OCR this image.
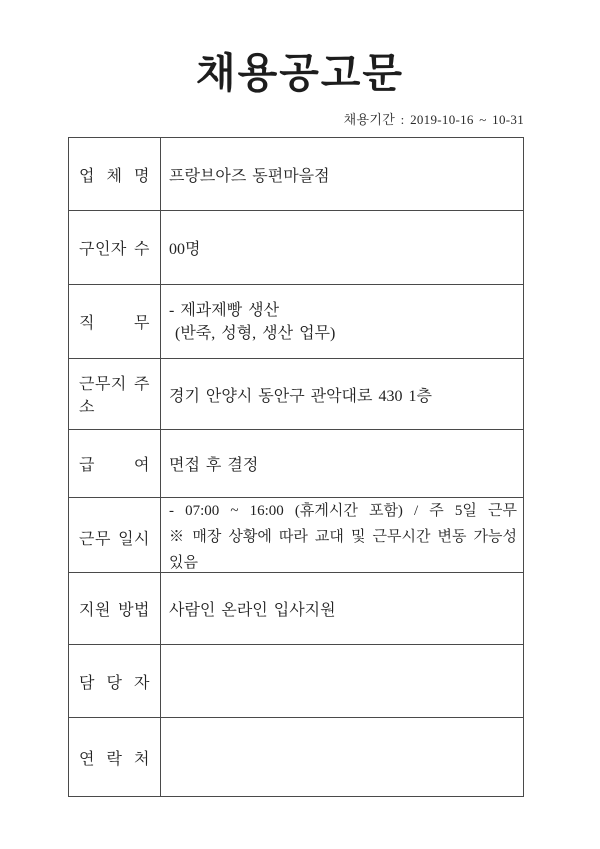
채용공고문
채용기간 : 2019-10-16 ~ 10-31
업 체 명 프랑브아즈 동편마을점
구인자 수 00명
직 무
- 제과제빵 생산
(반죽, 성형, 생산 업무)
근무지 주소
경기 안양시 동안구 관악대로 430 1층
급 여 면접 후 결정
근무 일시
- 07:00 ~ 16:00 (휴게시간 포함) / 주 5일 근무
※ 매장 상황에 따라 교대 및 근무시간 변동 가능성
있음
지원 방법 사람인 온라인 입사지원
담 당 자
연 락 처
